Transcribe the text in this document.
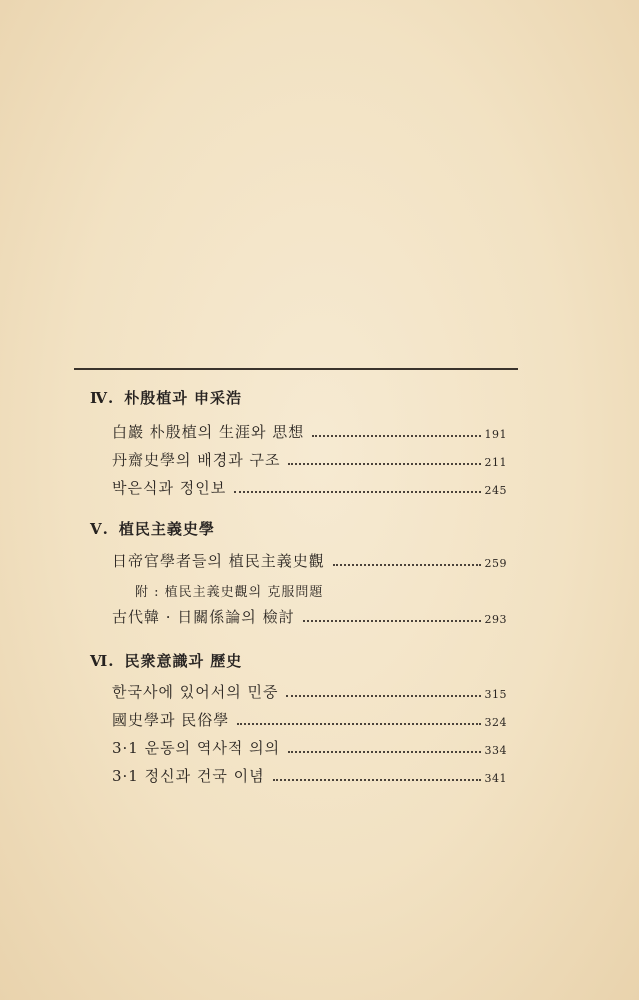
Ⅳ. 朴殷植과 申采浩
白巖 朴殷植의 生涯와 思想	191
丹齋史學의 배경과 구조	211
박은식과 정인보	245
Ⅴ. 植民主義史學
日帝官學者들의 植民主義史觀	259
附 : 植民主義史觀의 克服問題
古代韓 · 日關係論의 檢討	293
Ⅵ. 民衆意識과 歷史
한국사에 있어서의 민중	315
國史學과 民俗學	324
3·1 운동의 역사적 의의	334
3·1 정신과 건국 이념	341
